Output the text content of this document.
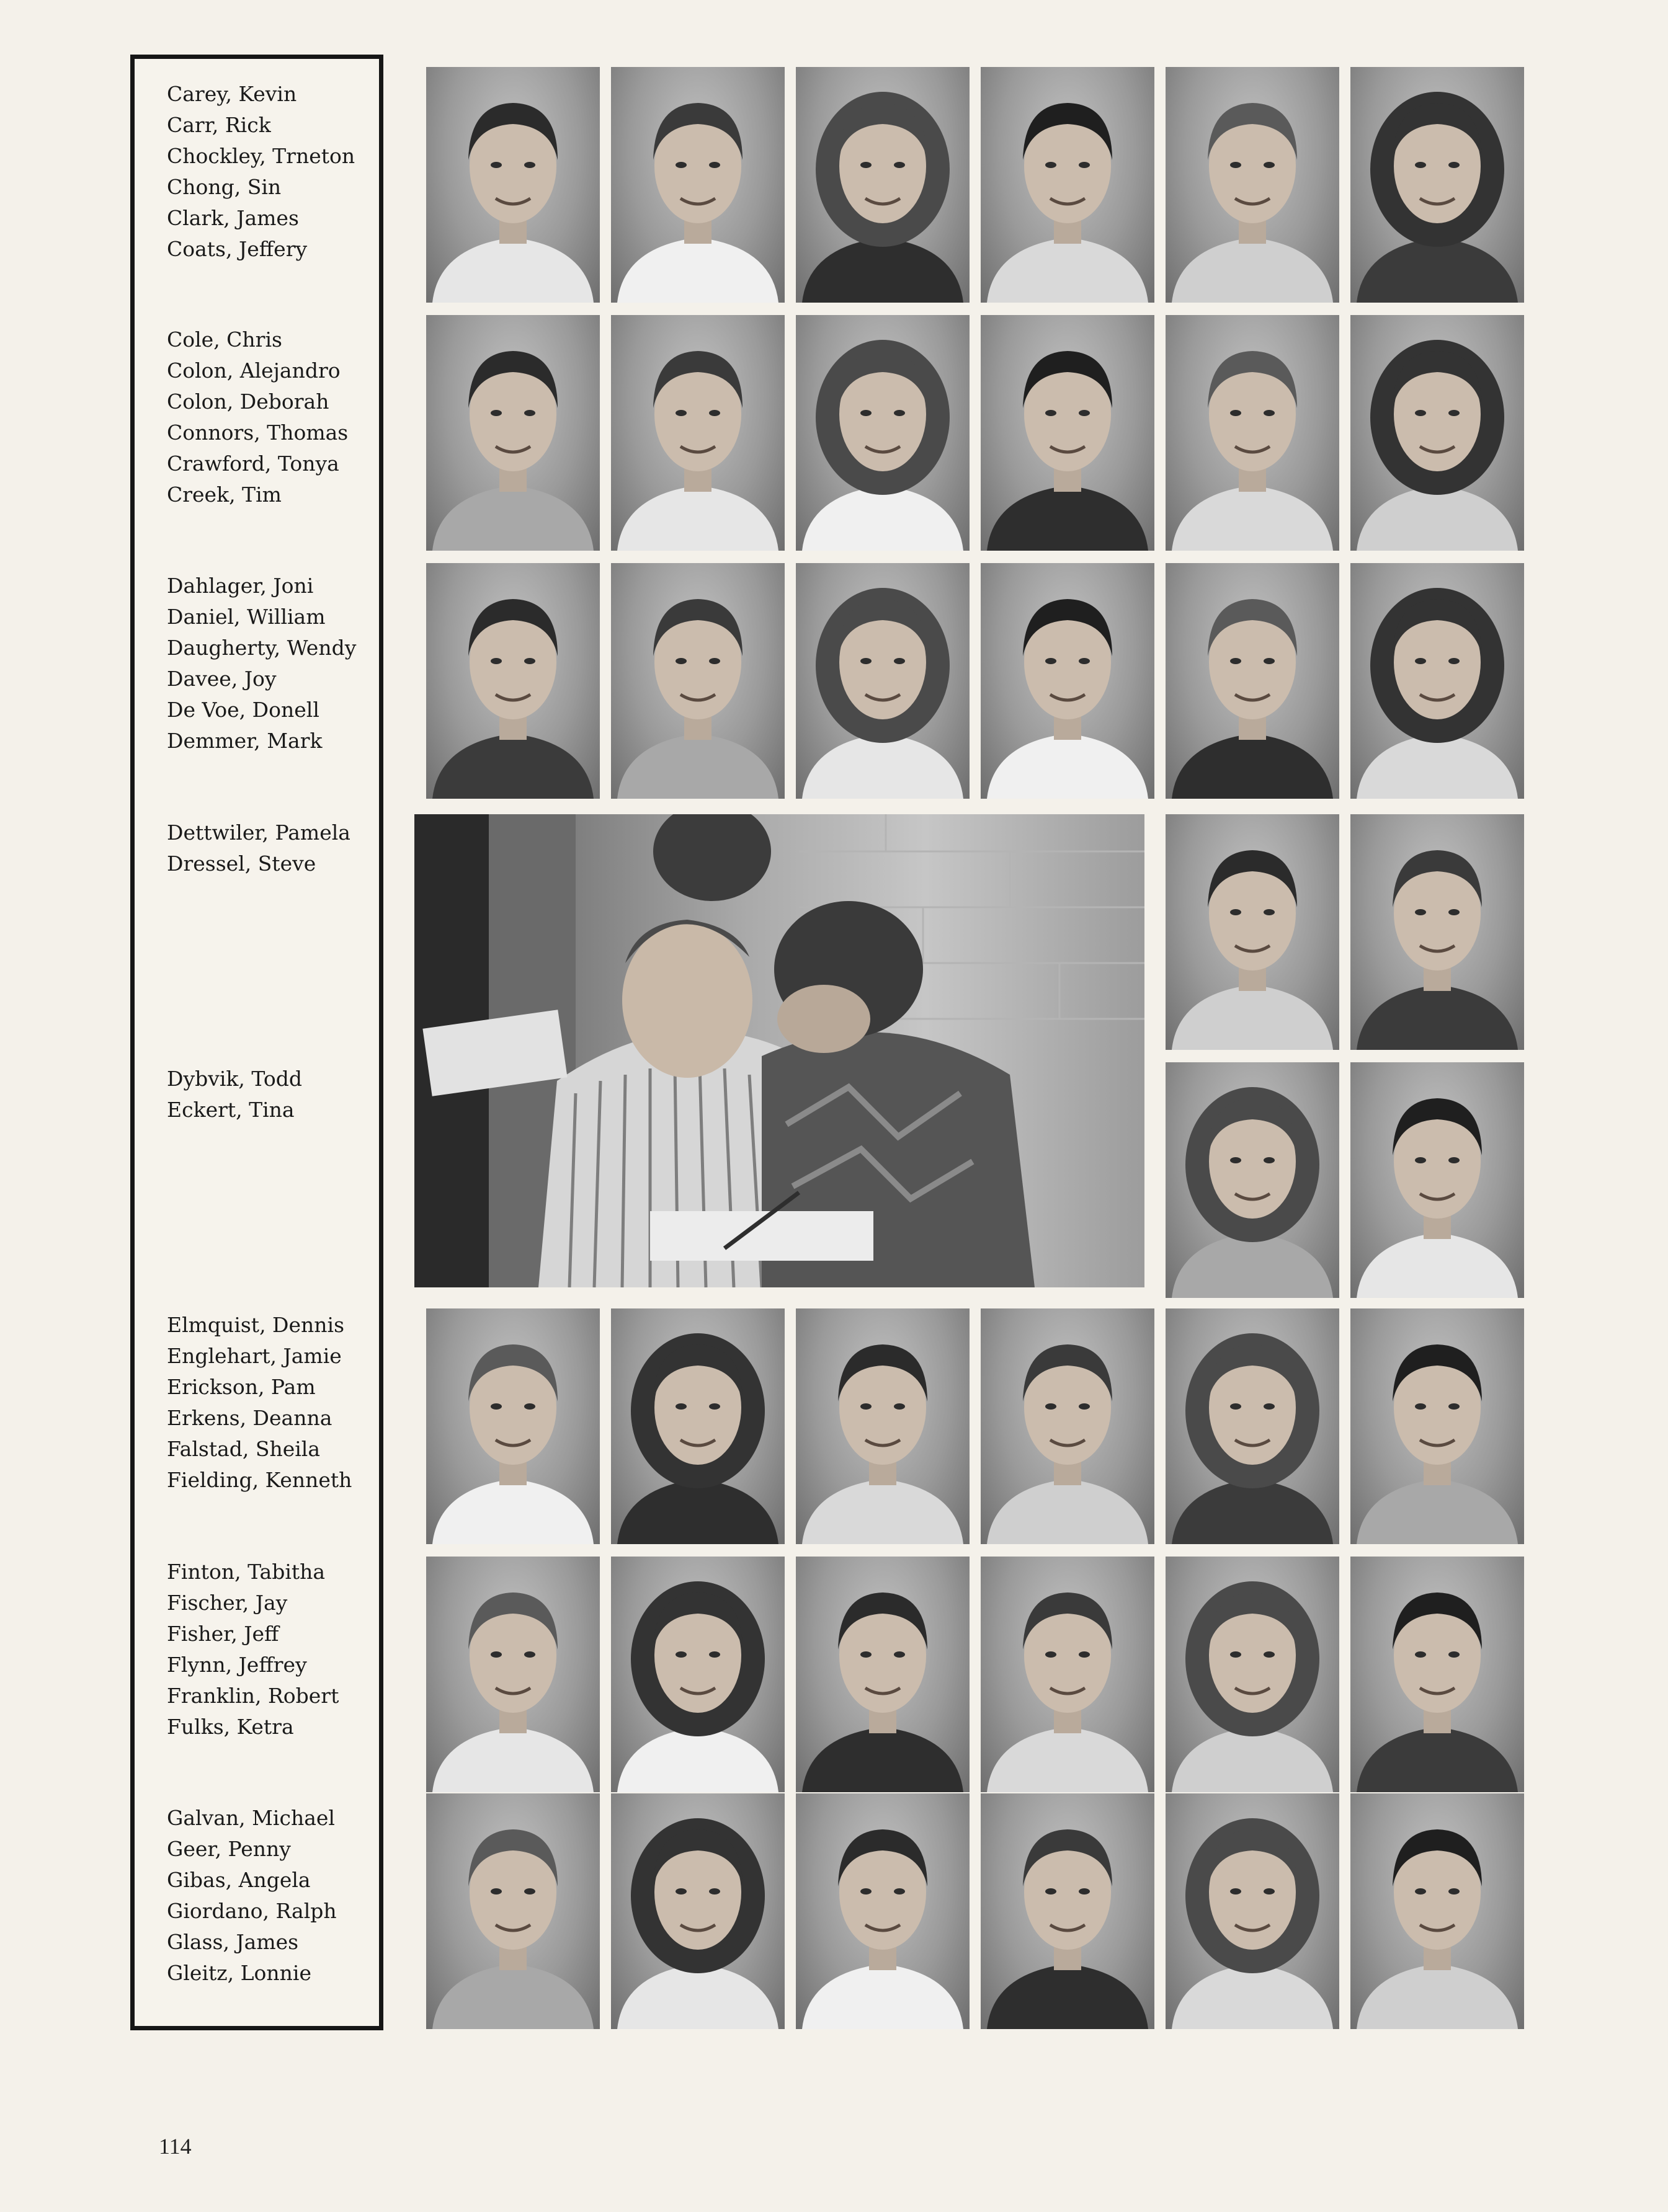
Carey, Kevin
Carr, Rick
Chockley, Trneton
Chong, Sin
Clark, James
Coats, Jeffery
Cole, Chris
Colon, Alejandro
Colon, Deborah
Connors, Thomas
Crawford, Tonya
Creek, Tim
Dahlager, Joni
Daniel, William
Daugherty, Wendy
Davee, Joy
De Voe, Donell
Demmer, Mark
Dettwiler, Pamela
Dressel, Steve
Dybvik, Todd
Eckert, Tina
Elmquist, Dennis
Englehart, Jamie
Erickson, Pam
Erkens, Deanna
Falstad, Sheila
Fielding, Kenneth
Finton, Tabitha
Fischer, Jay
Fisher, Jeff
Flynn, Jeffrey
Franklin, Robert
Fulks, Ketra
Galvan, Michael
Geer, Penny
Gibas, Angela
Giordano, Ralph
Glass, James
Gleitz, Lonnie
114
